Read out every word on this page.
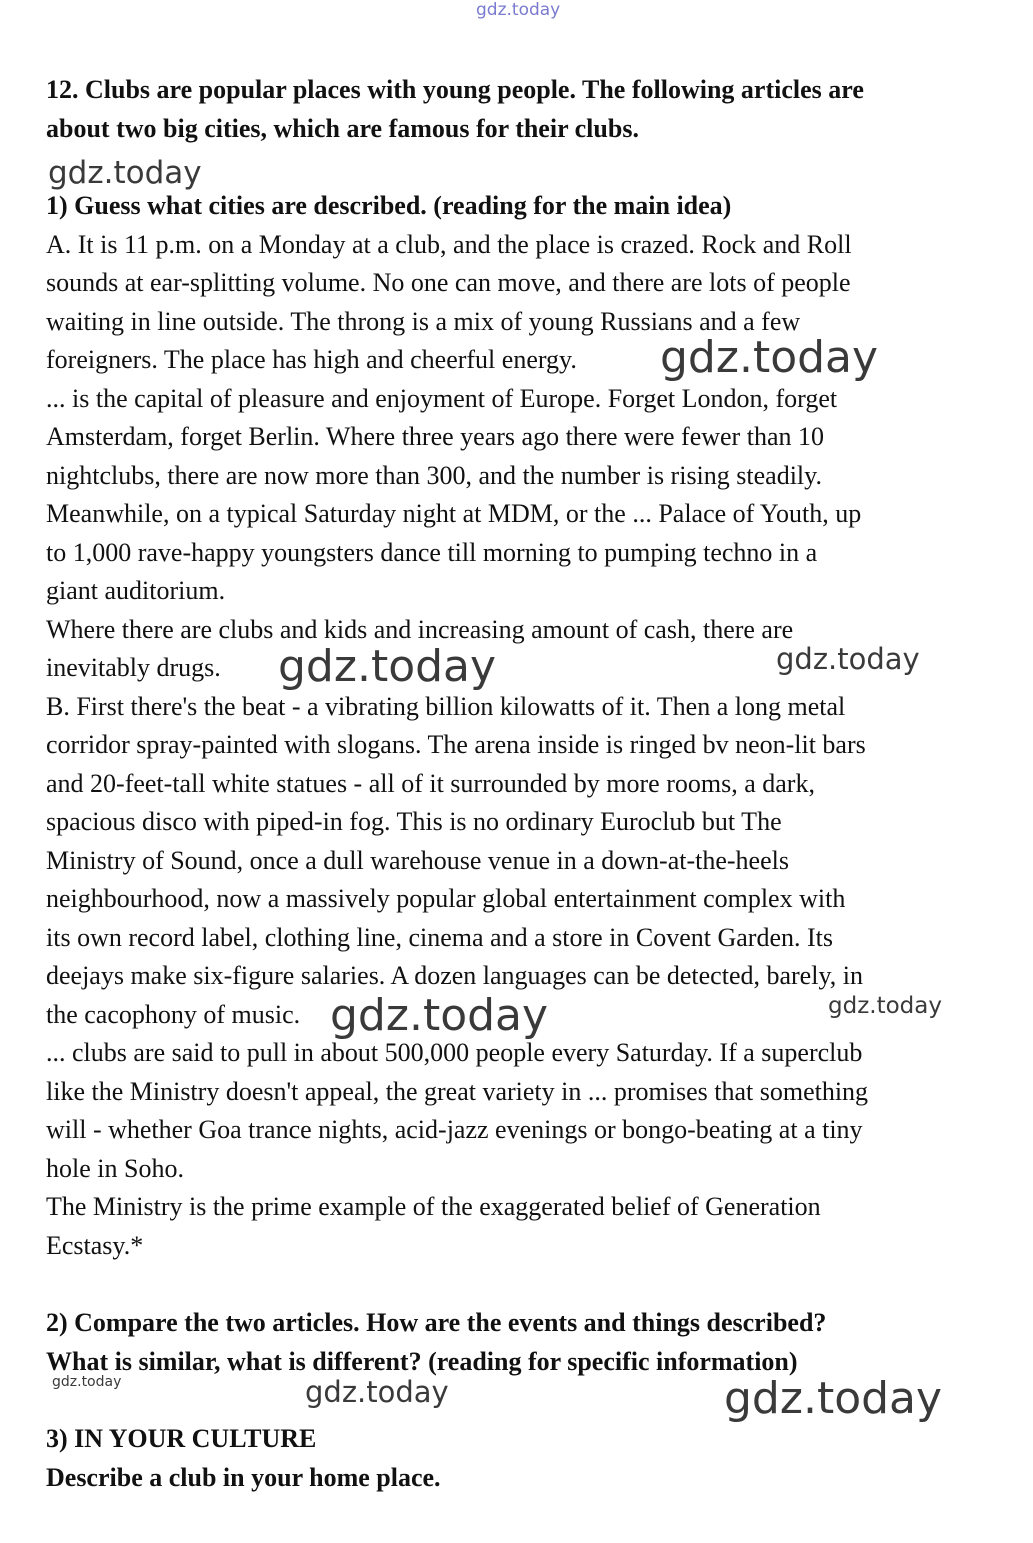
gdz.today
gdz.today
gdz.today
gdz.today	gdz.today
gdz.today	gdz.today
gdz.today	gdz.today	gdz.today

12. Clubs are popular places with young people. The following articles are

about two big cities, which are famous for their clubs.

1) Guess what cities are described. (reading for the main idea)

A. It is 11 p.m. on a Monday at a club, and the place is crazed. Rock and Roll

sounds at ear-splitting volume. No one can move, and there are lots of people

waiting in line outside. The throng is a mix of young Russians and a few

foreigners. The place has high and cheerful energy.

... is the capital of pleasure and enjoyment of Europe. Forget London, forget

Amsterdam, forget Berlin. Where three years ago there were fewer than 10

nightclubs, there are now more than 300, and the number is rising steadily.

Meanwhile, on a typical Saturday night at MDM, or the ... Palace of Youth, up

to 1,000 rave-happy youngsters dance till morning to pumping techno in a

giant auditorium.

Where there are clubs and kids and increasing amount of cash, there are

inevitably drugs.

B. First there's the beat - a vibrating billion kilowatts of it. Then a long metal

corridor spray-painted with slogans. The arena inside is ringed bv neon-lit bars

and 20-feet-tall white statues - all of it surrounded by more rooms, a dark,

spacious disco with piped-in fog. This is no ordinary Euroclub but The

Ministry of Sound, once a dull warehouse venue in a down-at-the-heels

neighbourhood, now a massively popular global entertainment complex with

its own record label, clothing line, cinema and a store in Covent Garden. Its

deejays make six-figure salaries. A dozen languages can be detected, barely, in

the cacophony of music.

... clubs are said to pull in about 500,000 people every Saturday. If a superclub

like the Ministry doesn't appeal, the great variety in ... promises that something

will - whether Goa trance nights, acid-jazz evenings or bongo-beating at a tiny

hole in Soho.

The Ministry is the prime example of the exaggerated belief of Generation

Ecstasy.*

2) Compare the two articles. How are the events and things described?

What is similar, what is different? (reading for specific information)

3) IN YOUR CULTURE

Describe a club in your home place.
